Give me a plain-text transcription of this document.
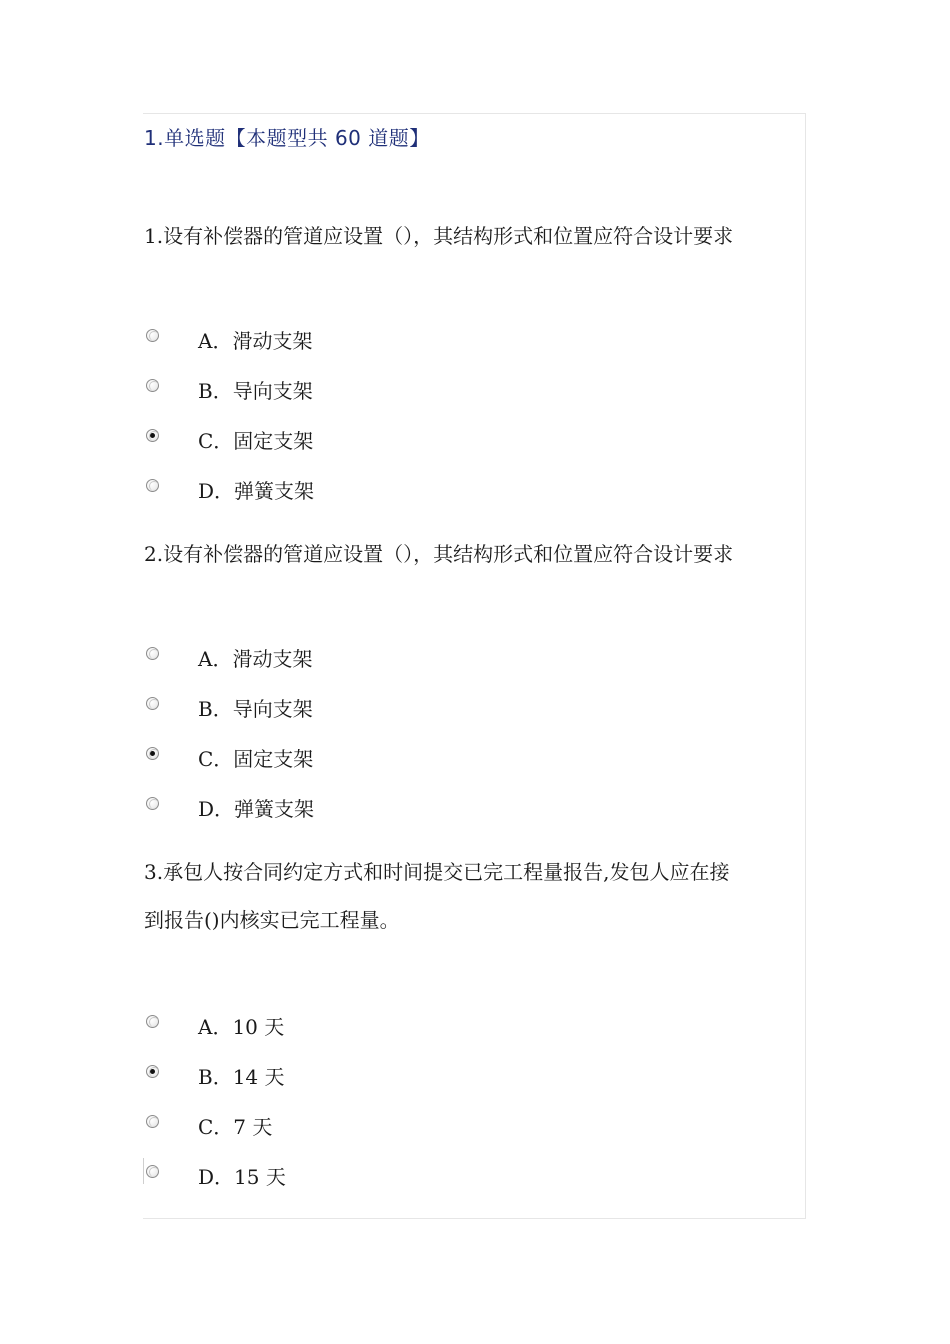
1.单选题【本题型共 60 道题】
1.设有补偿器的管道应设置（），其结构形式和位置应符合设计要求
A．滑动支架
B．导向支架
C．固定支架
D．弹簧支架
2.设有补偿器的管道应设置（），其结构形式和位置应符合设计要求
A．滑动支架
B．导向支架
C．固定支架
D．弹簧支架
3.承包人按合同约定方式和时间提交已完工程量报告,发包人应在接
到报告()内核实已完工程量。
A．10 天
B．14 天
C．7 天
D．15 天
